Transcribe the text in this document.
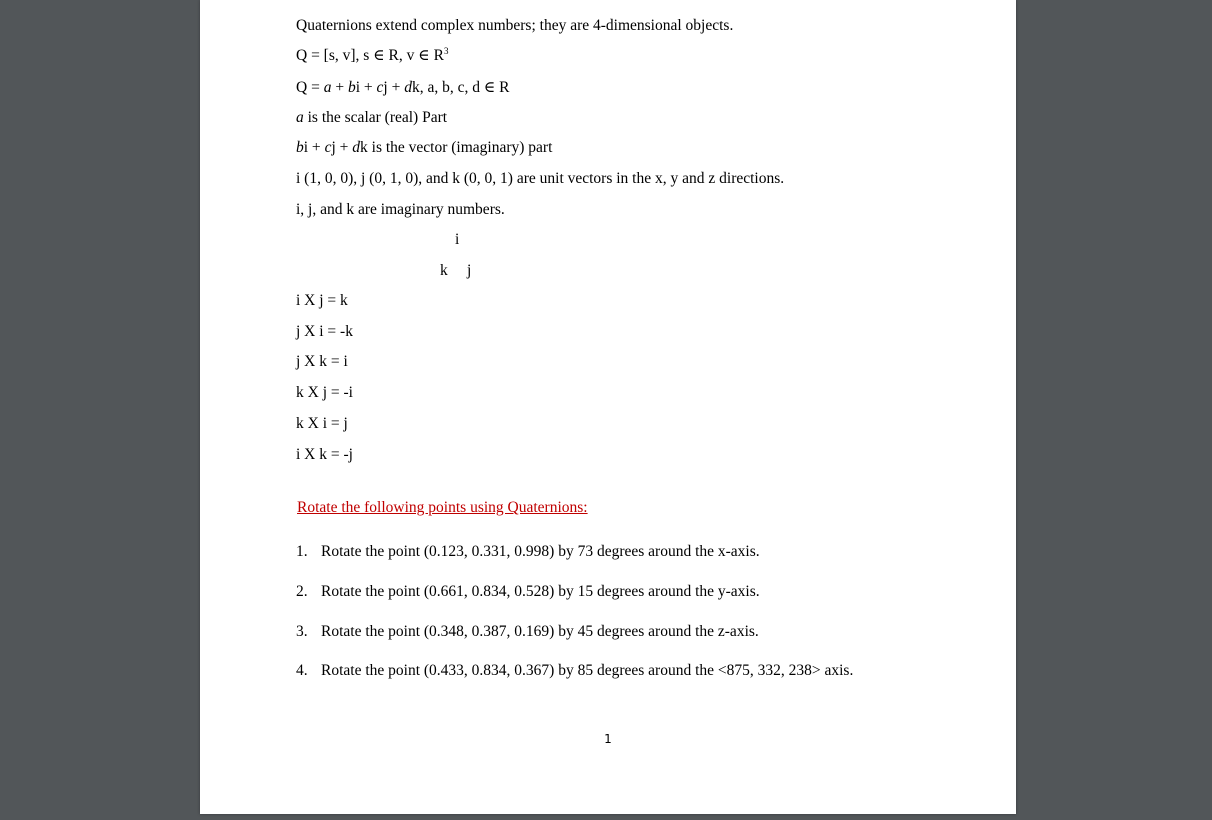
Quaternions extend complex numbers; they are 4-dimensional objects.
Q = [s, v], s ∈ R, v ∈ $R^3$
Q = a + bi + cj + dk, a, b, c, d ∈ R
a is the scalar (real) Part
bi + cj + dk is the vector (imaginary) part
i (1, 0, 0), j (0, 1, 0), and k (0, 0, 1) are unit vectors in the x, y and z directions.
i, j, and k are imaginary numbers.
i
k j
i X j = k
j X i = -k
j X k = i
k X j = -i
k X i = j
i X k = -j
Rotate the following points using Quaternions:
1. Rotate the point (0.123, 0.331, 0.998) by 73 degrees around the x-axis.
2. Rotate the point (0.661, 0.834, 0.528) by 15 degrees around the y-axis.
3. Rotate the point (0.348, 0.387, 0.169) by 45 degrees around the z-axis.
4. Rotate the point (0.433, 0.834, 0.367) by 85 degrees around the <875, 332, 238> axis.
1
